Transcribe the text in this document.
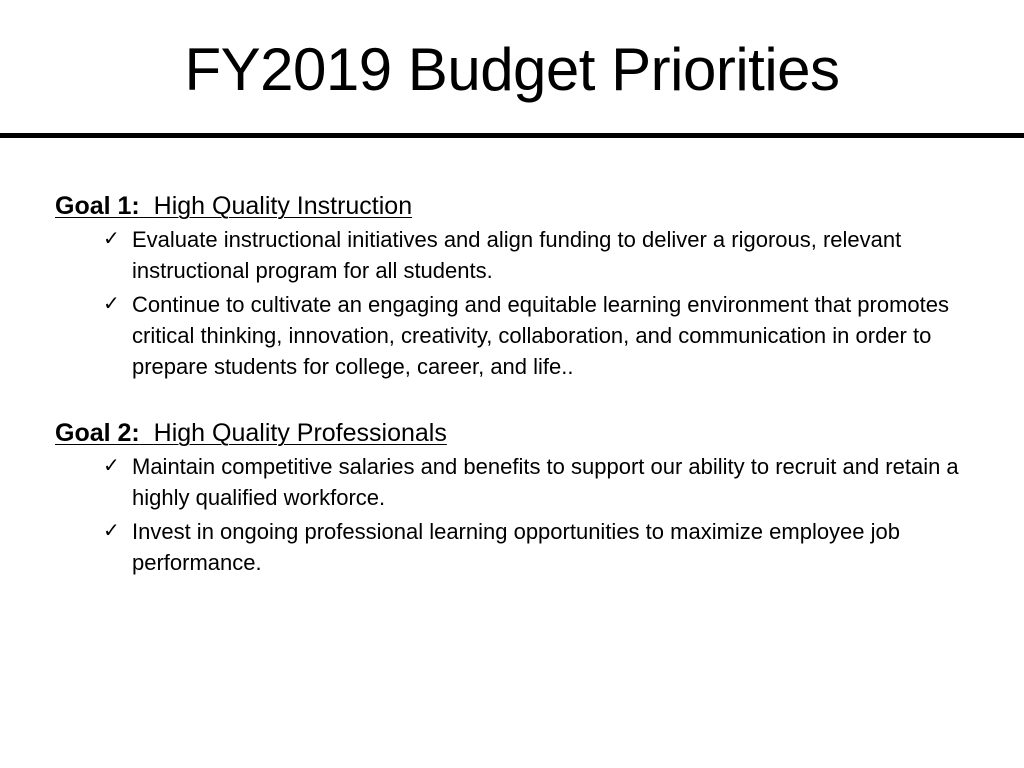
FY2019 Budget Priorities

Goal 1: High Quality Instruction

✓ Evaluate instructional initiatives and align funding to deliver a rigorous, relevant instructional program for all students.
✓ Continue to cultivate an engaging and equitable learning environment that promotes critical thinking, innovation, creativity, collaboration, and communication in order to prepare students for college, career, and life..

Goal 2: High Quality Professionals

✓ Maintain competitive salaries and benefits to support our ability to recruit and retain a highly qualified workforce.
✓ Invest in ongoing professional learning opportunities to maximize employee job performance.
